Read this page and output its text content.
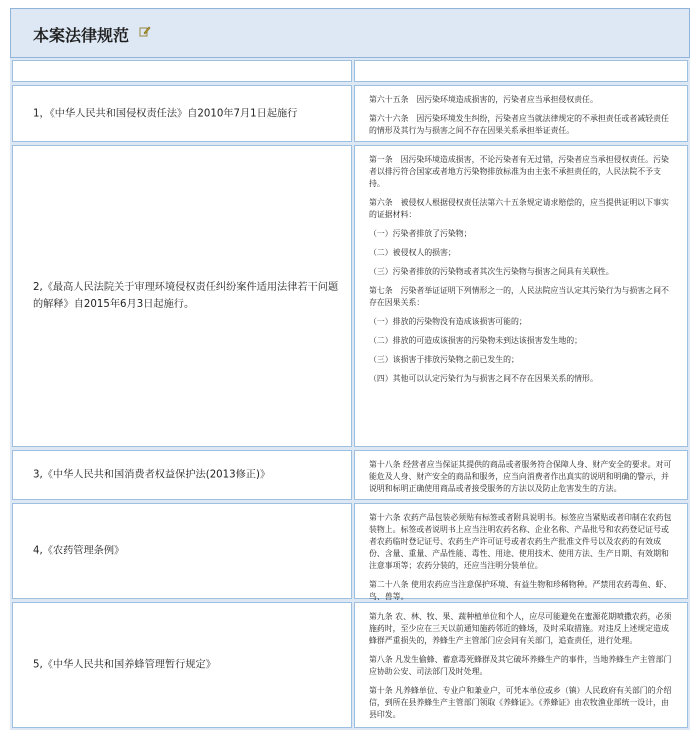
本案法律规范
1，《中华人民共和国侵权责任法》自2010年7月1日起施行

第六十五条　因污染环境造成损害的，污染者应当承担侵权责任。

第六十六条　因污染环境发生纠纷，污染者应当就法律规定的不承担责任或者减轻责任的情形及其行为与损害之间不存在因果关系承担举证责任。

2,《最高人民法院关于审理环境侵权责任纠纷案件适用法律若干问题的解释》自2015年6月3日起施行。

第一条　因污染环境造成损害，不论污染者有无过错，污染者应当承担侵权责任。污染者以排污符合国家或者地方污染物排放标准为由主张不承担责任的，人民法院不予支持。

第六条　被侵权人根据侵权责任法第六十五条规定请求赔偿的，应当提供证明以下事实的证据材料：

（一）污染者排放了污染物；

（二）被侵权人的损害；

（三）污染者排放的污染物或者其次生污染物与损害之间具有关联性。

第七条　污染者举证证明下列情形之一的，人民法院应当认定其污染行为与损害之间不存在因果关系：

（一）排放的污染物没有造成该损害可能的；

（二）排放的可造成该损害的污染物未到达该损害发生地的；

（三）该损害于排放污染物之前已发生的；

（四）其他可以认定污染行为与损害之间不存在因果关系的情形。

3,《中华人民共和国消费者权益保护法(2013修正)》

第十八条 经营者应当保证其提供的商品或者服务符合保障人身、财产安全的要求。对可能危及人身、财产安全的商品和服务，应当向消费者作出真实的说明和明确的警示，并说明和标明正确使用商品或者接受服务的方法以及防止危害发生的方法。

4,《农药管理条例》

第十六条 农药产品包装必须贴有标签或者附具说明书。标签应当紧贴或者印制在农药包装物上。标签或者说明书上应当注明农药名称、企业名称、产品批号和农药登记证号或者农药临时登记证号、农药生产许可证号或者农药生产批准文件号以及农药的有效成份、含量、重量、产品性能、毒性、用途、使用技术、使用方法、生产日期、有效期和注意事项等；农药分装的，还应当注明分装单位。

第二十八条 使用农药应当注意保护环境、有益生物和珍稀物种。严禁用农药毒鱼、虾、鸟、兽等。

5,《中华人民共和国养蜂管理暂行规定》

第九条 农、林、牧、果、蔬种植单位和个人，应尽可能避免在蜜源花期喷撒农药，必须施药时，至少应在三天以前通知施药邻近的蜂场，及时采取措施。对违反上述规定造成蜂群严重损失的，养蜂生产主管部门应会同有关部门，追查责任，进行处理。

第八条 凡发生偷蜂、蓄意毒死蜂群及其它破坏养蜂生产的事件，当地养蜂生产主管部门应协助公安、司法部门及时处理。

第十条 凡养蜂单位、专业户和兼业户，可凭本单位或乡（镇）人民政府有关部门的介绍信，到所在县养蜂生产主管部门领取《养蜂证》。《养蜂证》由农牧渔业部统一设计，由县印发。
